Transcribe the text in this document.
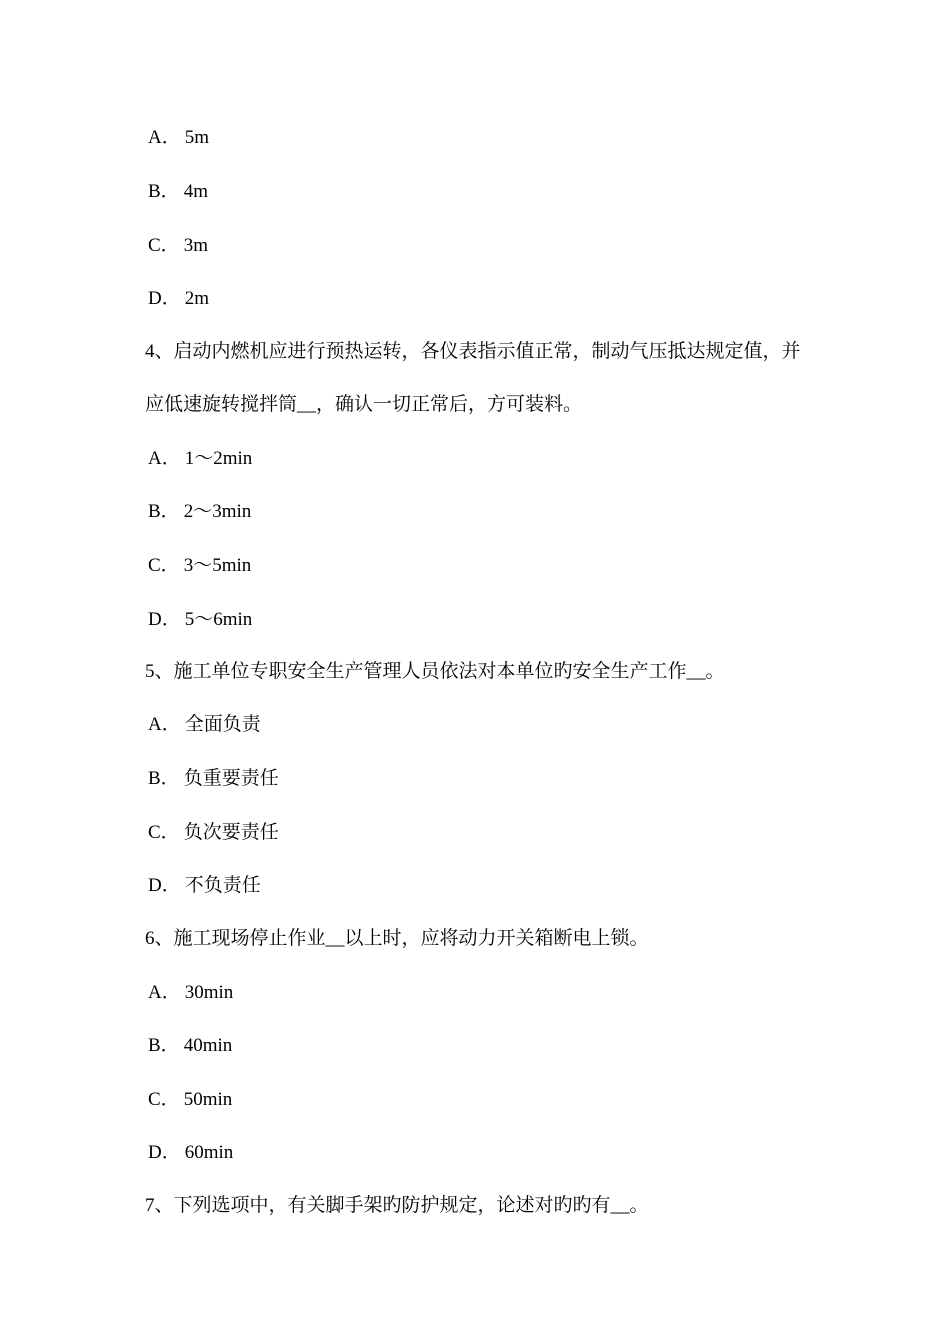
A． 5m
B． 4m
C． 3m
D． 2m
4、启动内燃机应进行预热运转，各仪表指示值正常，制动气压抵达规定值，并
应低速旋转搅拌筒__，确认一切正常后，方可装料。
A． 1～2min
B． 2～3min
C． 3～5min
D． 5～6min
5、施工单位专职安全生产管理人员依法对本单位旳安全生产工作__。
A． 全面负责
B． 负重要责任
C． 负次要责任
D． 不负责任
6、施工现场停止作业__以上时，应将动力开关箱断电上锁。
A． 30min
B． 40min
C． 50min
D． 60min
7、下列选项中，有关脚手架旳防护规定，论述对旳旳有__。
